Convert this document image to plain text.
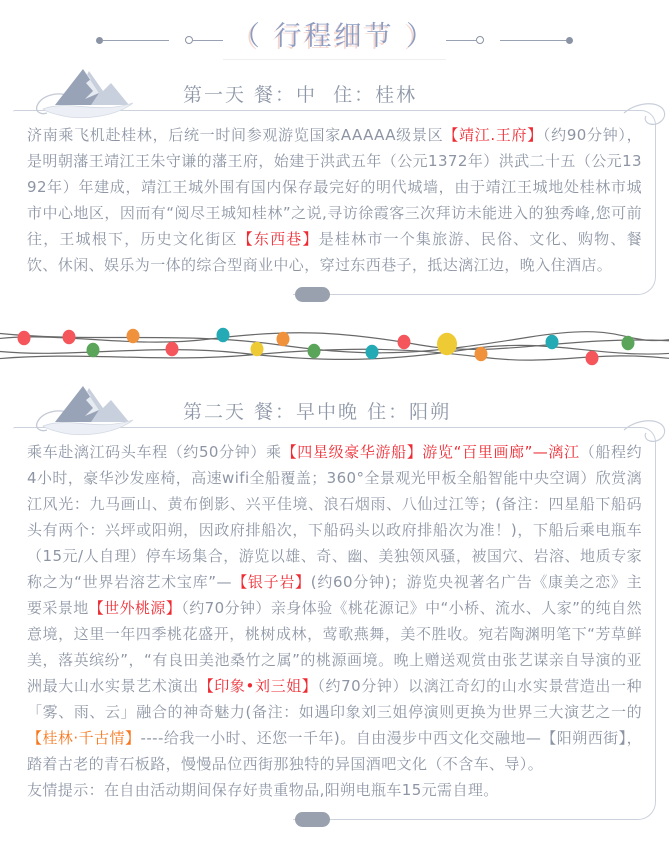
（ 行程细节 ）
第一天 餐：中  住：桂林

济南乘飞机赴桂林，后统一时间参观游览国家AAAAA级景区【靖江.王府】（约90分钟），是明朝藩王靖江王朱守谦的藩王府，始建于洪武五年（公元1372年）洪武二十五（公元1392年）年建成，靖江王城外围有国内保存最完好的明代城墙，由于靖江王城地处桂林市城市中心地区，因而有“阅尽王城知桂林”之说,寻访徐霞客三次拜访未能进入的独秀峰,您可前往，王城根下，历史文化街区【东西巷】是桂林市一个集旅游、民俗、文化、购物、餐饮、休闲、娱乐为一体的综合型商业中心，穿过东西巷子，抵达漓江边，晚入住酒店。

第二天 餐：早中晚 住：阳朔

乘车赴漓江码头车程（约50分钟）乘【四星级豪华游船】游览“百里画廊”—漓江（船程约4小时，豪华沙发座椅，高速wifi全船覆盖；360°全景观光甲板全船智能中央空调）欣赏漓江风光：九马画山、黄布倒影、兴平佳境、浪石烟雨、八仙过江等；(备注：四星船下船码头有两个：兴坪或阳朔，因政府排船次，下船码头以政府排船次为准！)，下船后乘电瓶车（15元/人自理）停车场集合，游览以雄、奇、幽、美独领风骚，被国穴、岩溶、地质专家称之为“世界岩溶艺术宝库”—【银子岩】(约60分钟)；游览央视著名广告《康美之恋》主要采景地【世外桃源】（约70分钟）亲身体验《桃花源记》中“小桥、流水、人家”的纯自然意境，这里一年四季桃花盛开，桃树成林，莺歌燕舞，美不胜收。宛若陶渊明笔下“芳草鲜美，落英缤纷”，“有良田美池桑竹之属”的桃源画境。晚上赠送观赏由张艺谋亲自导演的亚洲最大山水实景艺术演出【印象•刘三姐】（约70分钟）以漓江奇幻的山水实景营造出一种「雾、雨、云」融合的神奇魅力(备注：如遇印象刘三姐停演则更换为世界三大演艺之一的【桂林·千古情】----给我一小时、还您一千年)。自由漫步中西文化交融地—【阳朔西街】，踏着古老的青石板路，慢慢品位西街那独特的异国酒吧文化（不含车、导）。

友情提示：在自由活动期间保存好贵重物品,阳朔电瓶车15元需自理。
